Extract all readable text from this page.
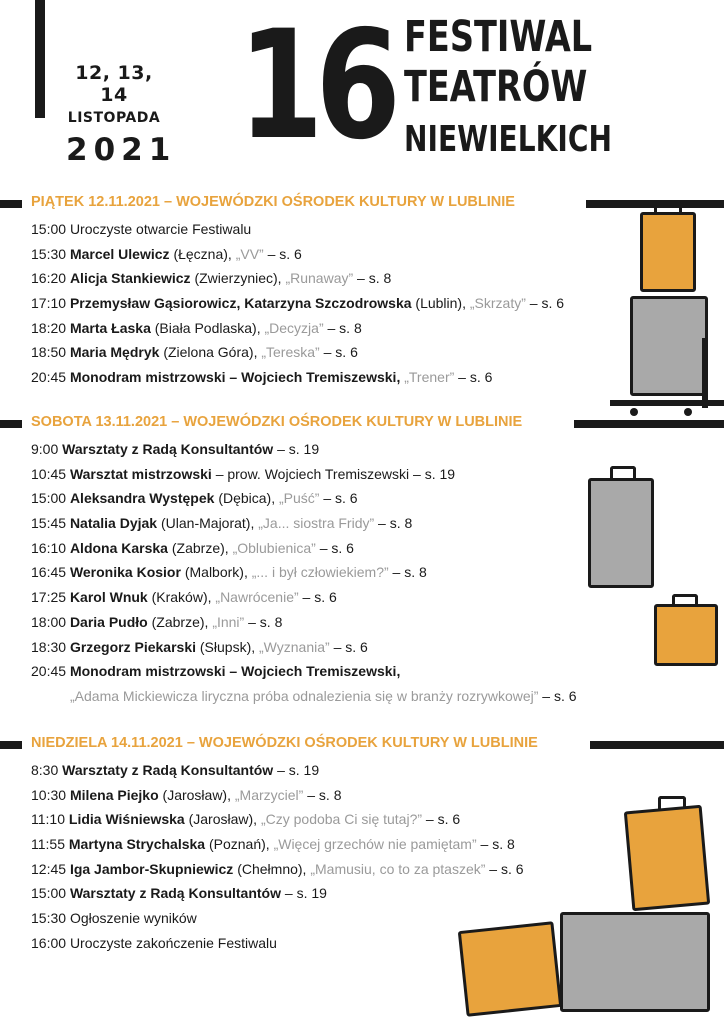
12, 13, 14
LISTOPADA
2021 16 FESTIWAL
TEATRÓW
NIEWIELKICH
PIĄTEK 12.11.2021 – WOJEWÓDZKI OŚRODEK KULTURY W LUBLINIE
15:00 Uroczyste otwarcie Festiwalu
15:30 Marcel Ulewicz (Łęczna), „VV” – s. 6
16:20 Alicja Stankiewicz (Zwierzyniec), „Runaway” – s. 8
17:10 Przemysław Gąsiorowicz, Katarzyna Szczodrowska (Lublin), „Skrzaty” – s. 6
18:20 Marta Łaska (Biała Podlaska), „Decyzja” – s. 8
18:50 Maria Mędryk (Zielona Góra), „Tereska” – s. 6
20:45 Monodram mistrzowski – Wojciech Tremiszewski, „Trener” – s. 6
SOBOTA 13.11.2021 – WOJEWÓDZKI OŚRODEK KULTURY W LUBLINIE
9:00 Warsztaty z Radą Konsultantów – s. 19
10:45 Warsztat mistrzowski – prow. Wojciech Tremiszewski – s. 19
15:00 Aleksandra Występek (Dębica), „Puść” – s. 6
15:45 Natalia Dyjak (Ulan-Majorat), „Ja... siostra Fridy” – s. 8
16:10 Aldona Karska (Zabrze), „Oblubienica” – s. 6
16:45 Weronika Kosior (Malbork), „... i był człowiekiem?” – s. 8
17:25 Karol Wnuk (Kraków), „Nawrócenie” – s. 6
18:00 Daria Pudło (Zabrze), „Inni” – s. 8
18:30 Grzegorz Piekarski (Słupsk), „Wyznania” – s. 6
20:45 Monodram mistrzowski – Wojciech Tremiszewski,
„Adama Mickiewicza liryczna próba odnalezienia się w branży rozrywkowej” – s. 6
NIEDZIELA 14.11.2021 – WOJEWÓDZKI OŚRODEK KULTURY W LUBLINIE
8:30 Warsztaty z Radą Konsultantów – s. 19
10:30 Milena Piejko (Jarosław), „Marzyciel” – s. 8
11:10 Lidia Wiśniewska (Jarosław), „Czy podoba Ci się tutaj?” – s. 6
11:55 Martyna Strychalska (Poznań), „Więcej grzechów nie pamiętam” – s. 8
12:45 Iga Jambor-Skupniewicz (Chełmno), „Mamusiu, co to za ptaszek” – s. 6
15:00 Warsztaty z Radą Konsultantów – s. 19
15:30 Ogłoszenie wyników
16:00 Uroczyste zakończenie Festiwalu
